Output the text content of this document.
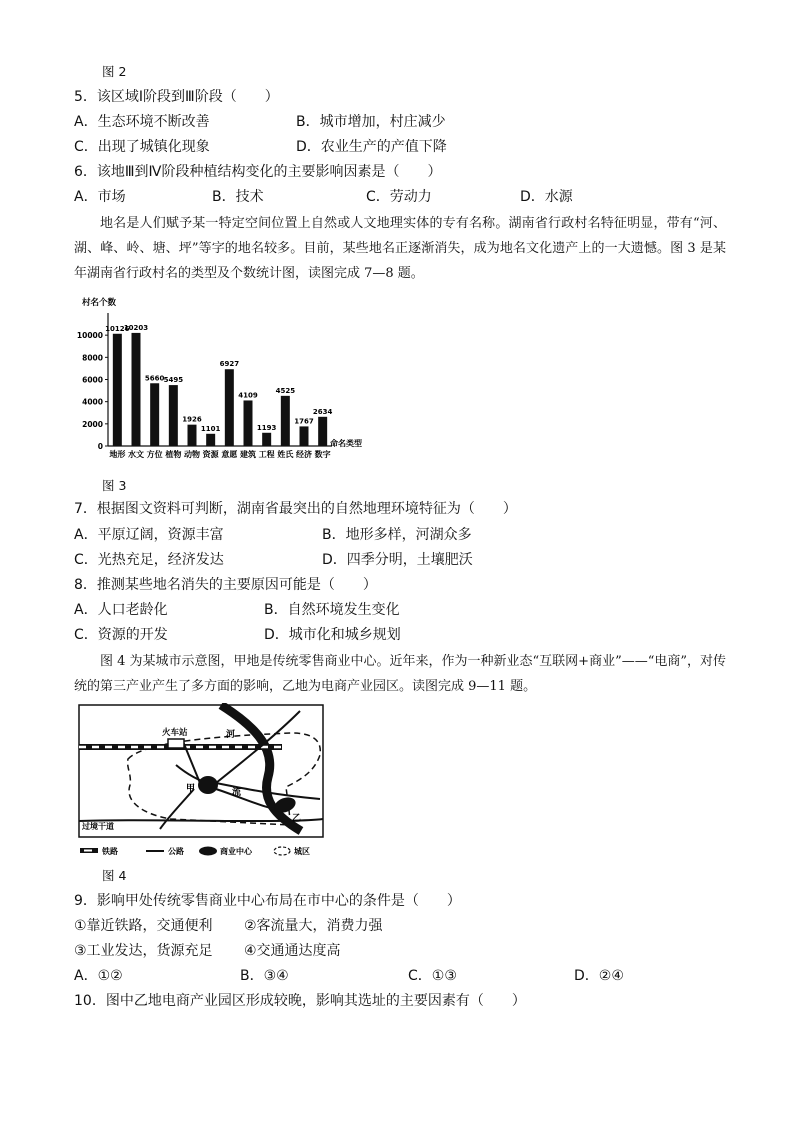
图 2
5．该区域Ⅰ阶段到Ⅲ阶段（　　）
A．生态环境不断改善	B．城市增加，村庄减少
C．出现了城镇化现象	D．农业生产的产值下降
6．该地Ⅲ到Ⅳ阶段种植结构变化的主要影响因素是（　　）
A．市场	B．技术	C．劳动力	D．水源
地名是人们赋予某一特定空间位置上自然或人文地理实体的专有名称。湖南省行政村名特征明显，带有“河、湖、峰、岭、塘、坪”等字的地名较多。目前，某些地名正逐渐消失，成为地名文化遗产上的一大遗憾。图 3 是某年湖南省行政村名的类型及个数统计图，读图完成 7—8 题。
村名个数
0
2000
4000
6000
8000
10000
10126
10203
5660 5495
1926
1101
6927
4109
1193
4525
1767
2634
地形 水文 方位 植物 动物 资源 意愿 建筑 工程 姓氏 经济 数字
命名类型
图 3
7．根据图文资料可判断，湖南省最突出的自然地理环境特征为（　　）
A．平原辽阔，资源丰富	B．地形多样，河湖众多
C．光热充足，经济发达	D．四季分明，土壤肥沃
8．推测某些地名消失的主要原因可能是（　　）
A．人口老龄化	B．自然环境发生变化
C．资源的开发	D．城市化和城乡规划
图 4 为某城市示意图，甲地是传统零售商业中心。近年来，作为一种新业态“互联网+商业”——“电商”，对传统的第三产业产生了多方面的影响，乙地为电商产业园区。读图完成 9—11 题。
火车站	河
甲	流
乙
过境干道
铁路	公路	商业中心	城区
图 4
9．影响甲处传统零售商业中心布局在市中心的条件是（　　）
①靠近铁路，交通便利 ②客流量大，消费力强
③工业发达，货源充足 ④交通通达度高
A．①②	B．③④	C．①③	D．②④
10．图中乙地电商产业园区形成较晚，影响其选址的主要因素有（　　）
